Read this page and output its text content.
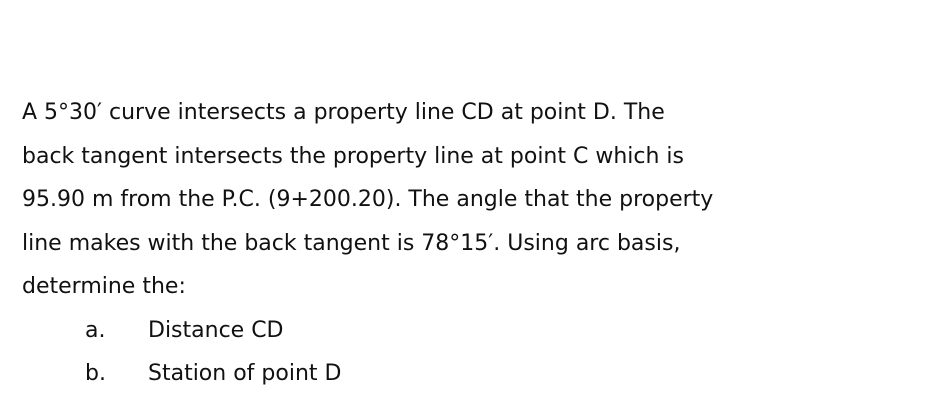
A 5°30′ curve intersects a property line CD at point D. The
back tangent intersects the property line at point C which is
95.90 m from the P.C. (9+200.20). The angle that the property
line makes with the back tangent is 78°15′. Using arc basis,
determine the:

a. Distance CD
b. Station of point D
